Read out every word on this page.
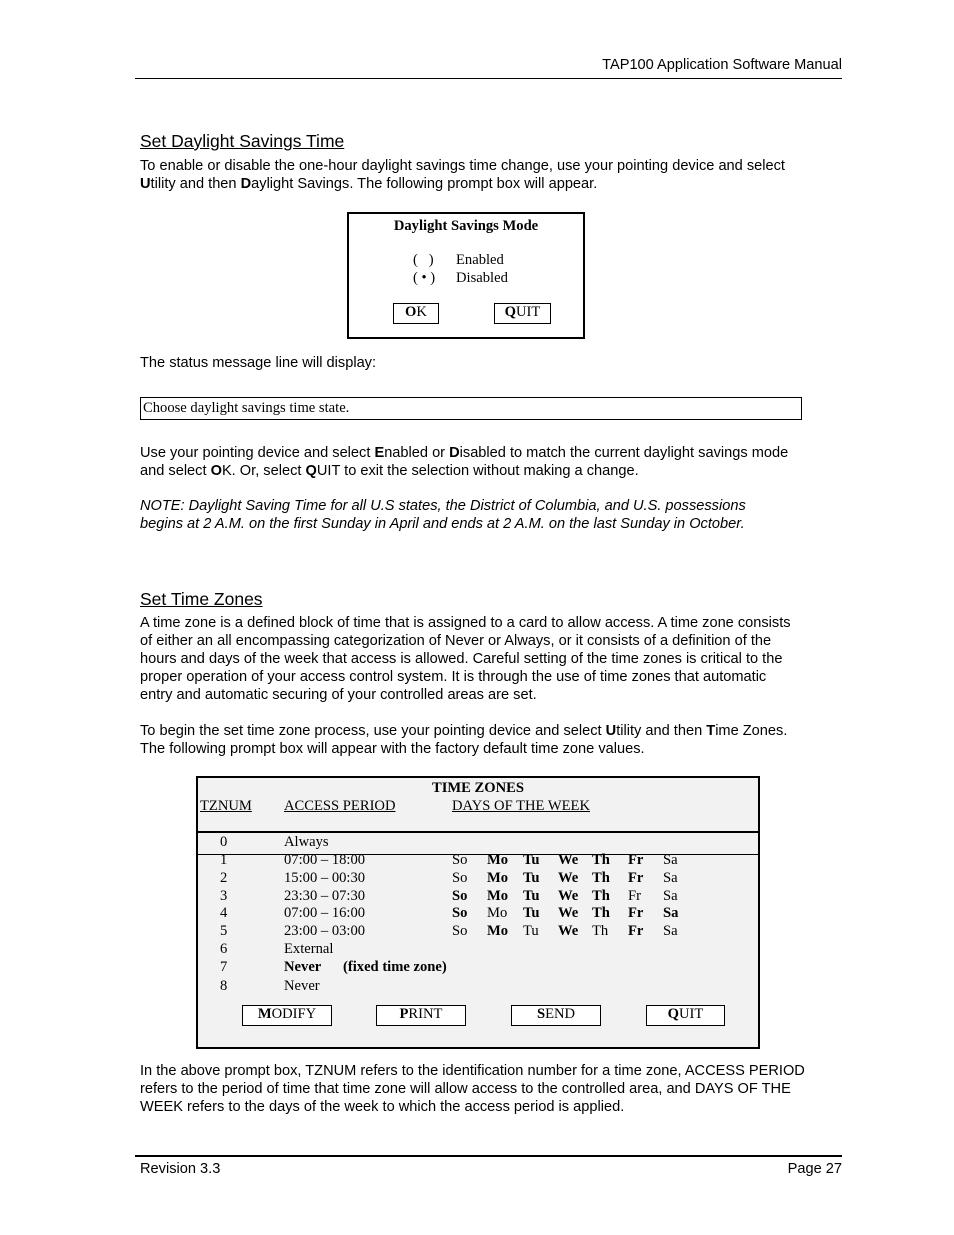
TAP100 Application Software Manual
Set Daylight Savings Time
To enable or disable the one-hour daylight savings time change, use your pointing device and select Utility and then Daylight Savings. The following prompt box will appear.
Daylight Savings Mode
(   ) Enabled
( • ) Disabled
OK	QUIT
The status message line will display:
Choose daylight savings time state.
Use your pointing device and select Enabled or Disabled to match the current daylight savings mode and select OK. Or, select QUIT to exit the selection without making a change.
NOTE: Daylight Saving Time for all U.S states, the District of Columbia, and U.S. possessions begins at 2 A.M. on the first Sunday in April and ends at 2 A.M. on the last Sunday in October.
Set Time Zones
A time zone is a defined block of time that is assigned to a card to allow access. A time zone consists of either an all encompassing categorization of Never or Always, or it consists of a definition of the hours and days of the week that access is allowed. Careful setting of the time zones is critical to the proper operation of your access control system. It is through the use of time zones that automatic entry and automatic securing of your controlled areas are set.
To begin the set time zone process, use your pointing device and select Utility and then Time Zones. The following prompt box will appear with the factory default time zone values.
TIME ZONES
TZNUM ACCESS PERIOD	DAYS OF THE WEEK
0	Always
1	07:00 – 18:00	So Mo Tu We Th Fr Sa
2	15:00 – 00:30	So Mo Tu We Th Fr Sa
3	23:30 – 07:30	So Mo Tu We Th Fr Sa
4	07:00 – 16:00	So Mo Tu We Th Fr Sa
5	23:00 – 03:00	So Mo Tu We Th Fr Sa
6	External
7	Never (fixed time zone)
8	Never
MODIFY	PRINT	SEND	QUIT
In the above prompt box, TZNUM refers to the identification number for a time zone, ACCESS PERIOD refers to the period of time that time zone will allow access to the controlled area, and DAYS OF THE WEEK refers to the days of the week to which the access period is applied.
Revision 3.3	Page 27
